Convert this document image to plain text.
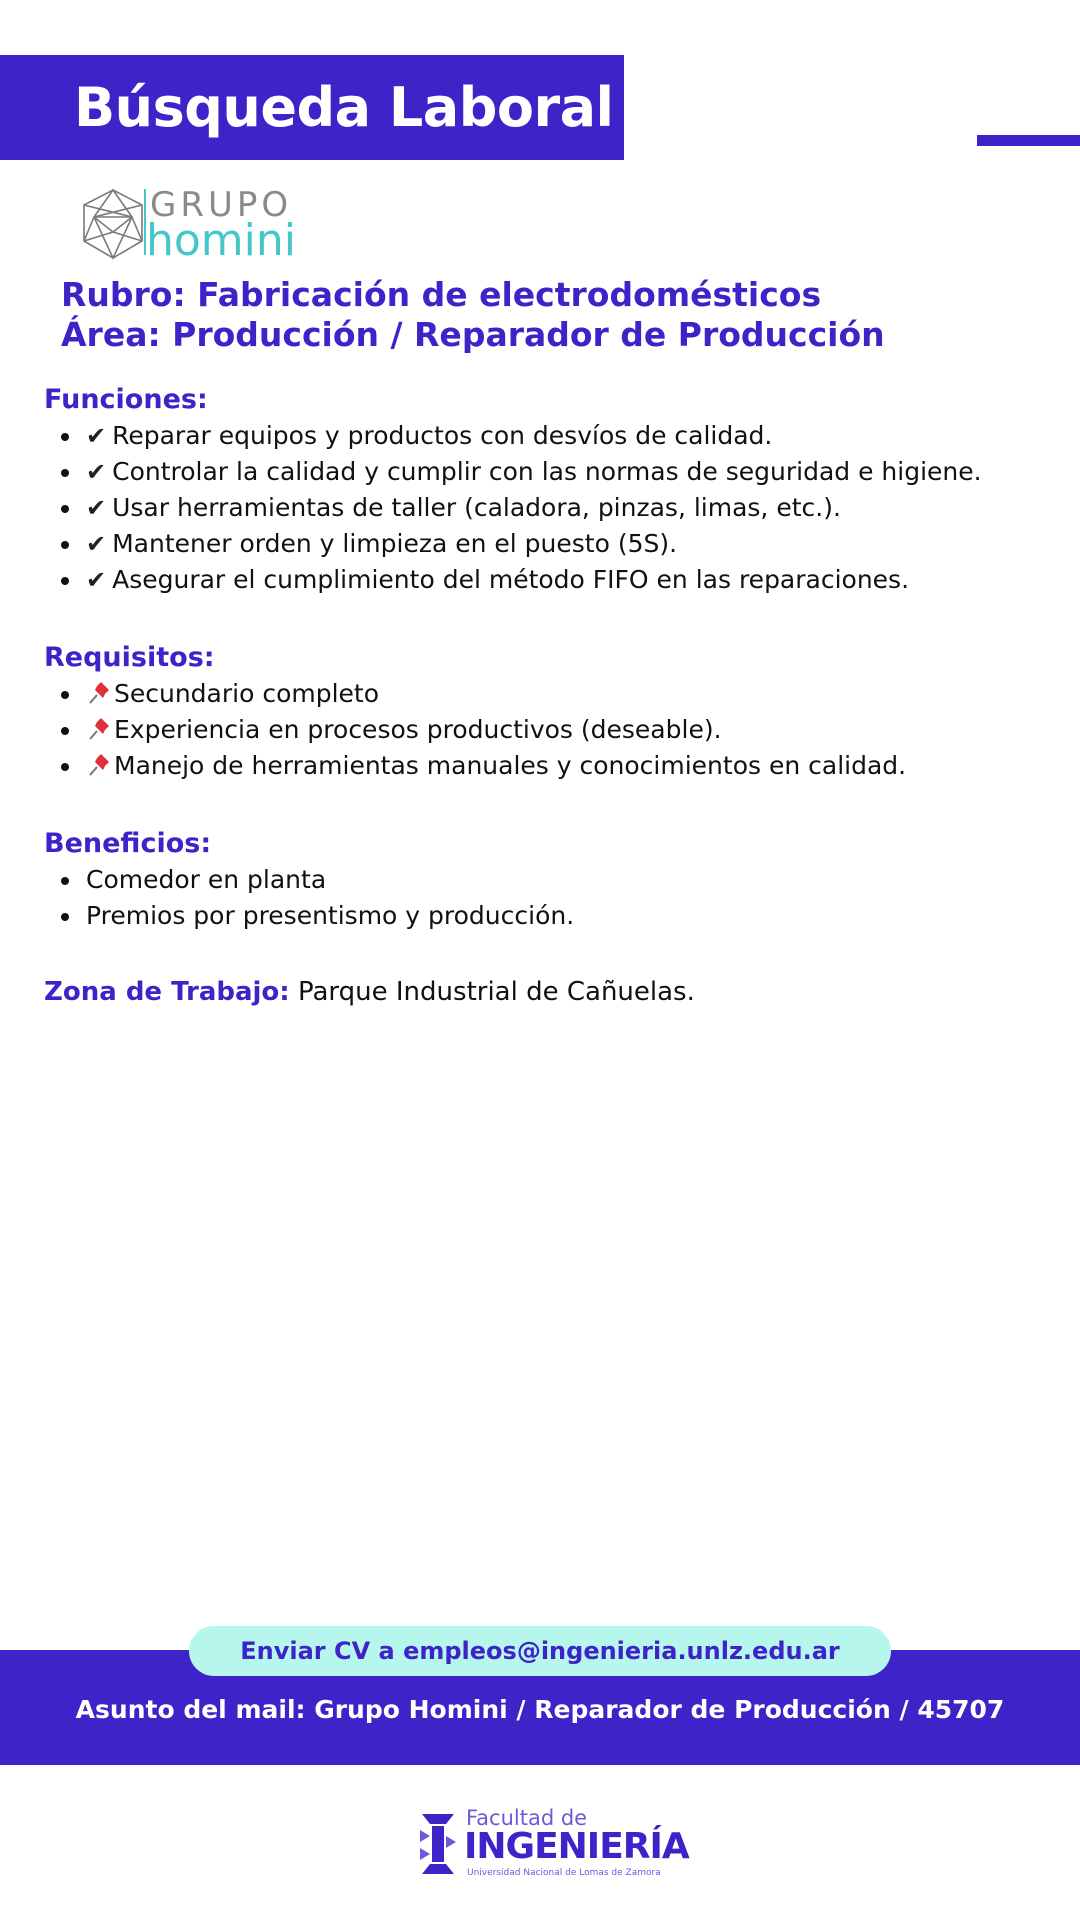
Búsqueda Laboral
GRUPO
homini
Rubro: Fabricación de electrodomésticos
Área: Producción / Reparador de Producción
Funciones:
✔ Reparar equipos y productos con desvíos de calidad.
✔ Controlar la calidad y cumplir con las normas de seguridad e higiene.
✔ Usar herramientas de taller (caladora, pinzas, limas, etc.).
✔ Mantener orden y limpieza en el puesto (5S).
✔ Asegurar el cumplimiento del método FIFO en las reparaciones.
Requisitos:
Secundario completo
Experiencia en procesos productivos (deseable).
Manejo de herramientas manuales y conocimientos en calidad.
Beneficios:
Comedor en planta
Premios por presentismo y producción.
Zona de Trabajo: Parque Industrial de Cañuelas.
Enviar CV a empleos@ingenieria.unlz.edu.ar
Asunto del mail: Grupo Homini / Reparador de Producción / 45707
Facultad de
INGENIERÍA
Universidad Nacional de Lomas de Zamora
